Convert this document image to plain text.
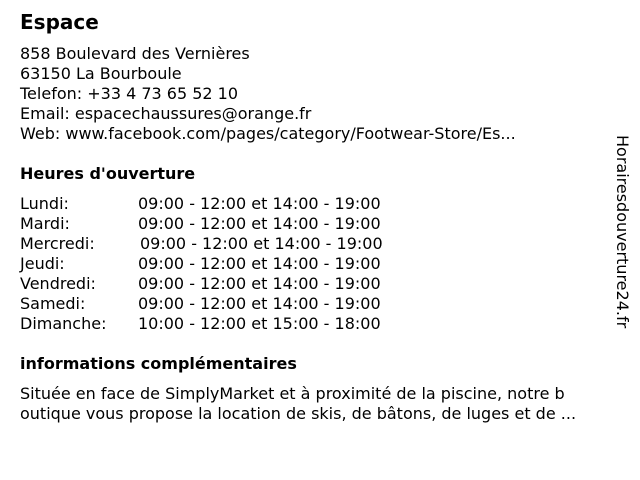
Espace
858 Boulevard des Vernières
63150 La Bourboule
Telefon: +33 4 73 65 52 10
Email: espacechaussures@orange.fr
Web: www.facebook.com/pages/category/Footwear-Store/Es...
Heures d'ouverture
Lundi:	09:00 - 12:00 et 14:00 - 19:00
Mardi:	09:00 - 12:00 et 14:00 - 19:00
Mercredi:	09:00 - 12:00 et 14:00 - 19:00
Jeudi:	09:00 - 12:00 et 14:00 - 19:00
Vendredi:	09:00 - 12:00 et 14:00 - 19:00
Samedi:	09:00 - 12:00 et 14:00 - 19:00
Dimanche: 10:00 - 12:00 et 15:00 - 18:00
informations complémentaires
Située en face de SimplyMarket et à proximité de la piscine, notre b
outique vous propose la location de skis, de bâtons, de luges et de ...
Horairesdouverture24.fr
